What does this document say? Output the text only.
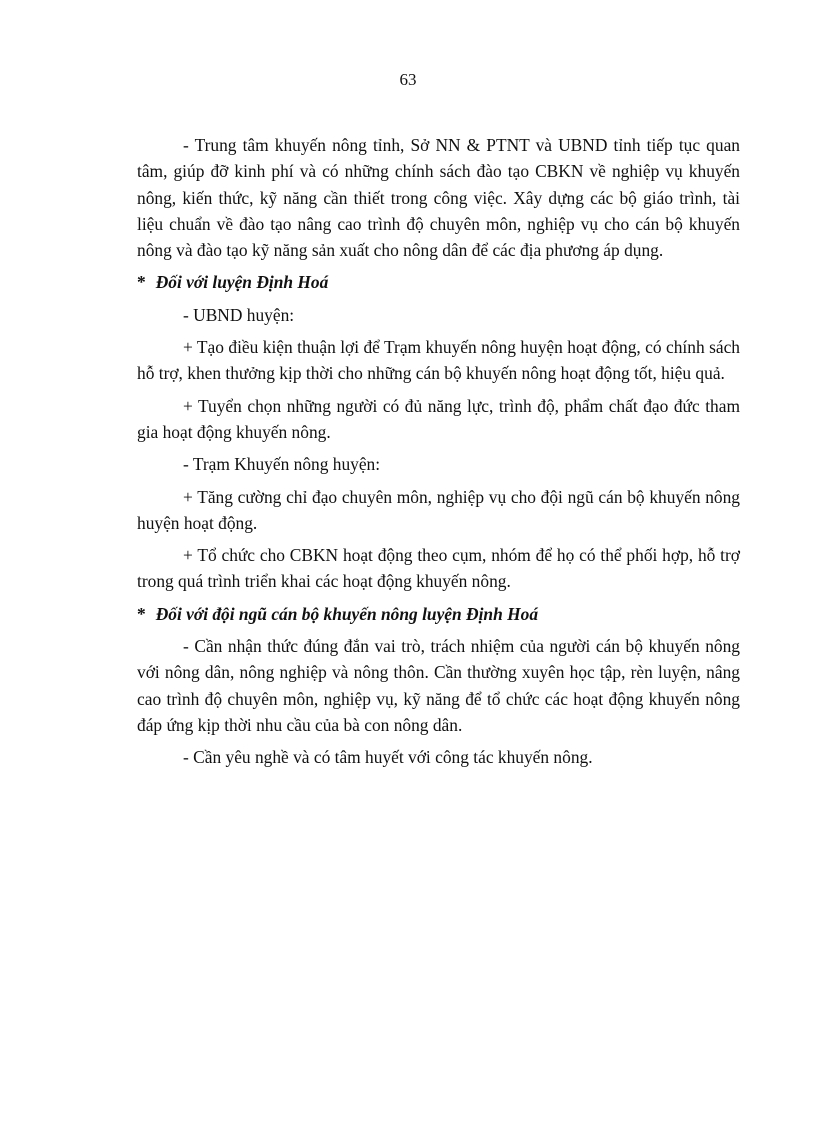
63

- Trung tâm khuyến nông tỉnh, Sở NN & PTNT và UBND tỉnh tiếp tục quan tâm, giúp đỡ kinh phí và có những chính sách đào tạo CBKN về nghiệp vụ khuyến nông, kiến thức, kỹ năng cần thiết trong công việc. Xây dựng các bộ giáo trình, tài liệu chuẩn về đào tạo nâng cao trình độ chuyên môn, nghiệp vụ cho cán bộ khuyến nông và đào tạo kỹ năng sản xuất cho nông dân để các địa phương áp dụng.

* Đối với luyện Định Hoá

- UBND huyện:

+ Tạo điều kiện thuận lợi để Trạm khuyến nông huyện hoạt động, có chính sách hỗ trợ, khen thưởng kịp thời cho những cán bộ khuyến nông hoạt động tốt, hiệu quả.

+ Tuyển chọn những người có đủ năng lực, trình độ, phẩm chất đạo đức tham gia hoạt động khuyến nông.

- Trạm Khuyến nông huyện:

+ Tăng cường chỉ đạo chuyên môn, nghiệp vụ cho đội ngũ cán bộ khuyến nông huyện hoạt động.

+ Tổ chức cho CBKN hoạt động theo cụm, nhóm để họ có thể phối hợp, hỗ trợ trong quá trình triển khai các hoạt động khuyến nông.

* Đối với đội ngũ cán bộ khuyến nông luyện Định Hoá

- Cần nhận thức đúng đắn vai trò, trách nhiệm của người cán bộ khuyến nông với nông dân, nông nghiệp và nông thôn. Cần thường xuyên học tập, rèn luyện, nâng cao trình độ chuyên môn, nghiệp vụ, kỹ năng để tổ chức các hoạt động khuyến nông đáp ứng kịp thời nhu cầu của bà con nông dân.

- Cần yêu nghề và có tâm huyết với công tác khuyến nông.
